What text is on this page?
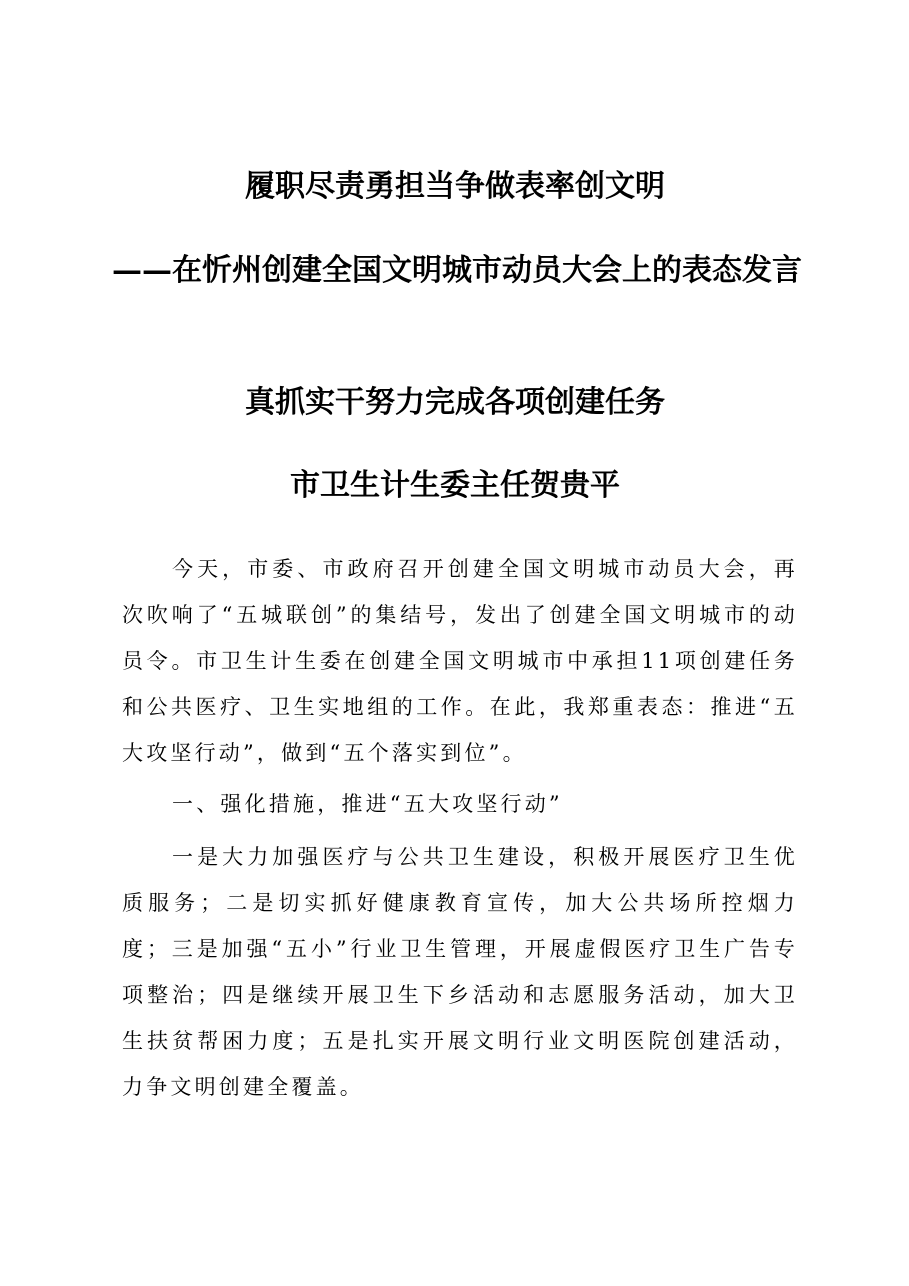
履职尽责勇担当争做表率创文明
——在忻州创建全国文明城市动员大会上的表态发言
真抓实干努力完成各项创建任务
市卫生计生委主任贺贵平

今天，市委、市政府召开创建全国文明城市动员大会，再次吹响了“五城联创”的集结号，发出了创建全国文明城市的动员令。市卫生计生委在创建全国文明城市中承担11项创建任务和公共医疗、卫生实地组的工作。在此，我郑重表态：推进“五大攻坚行动”，做到“五个落实到位”。

一、强化措施，推进“五大攻坚行动”

一是大力加强医疗与公共卫生建设，积极开展医疗卫生优质服务；二是切实抓好健康教育宣传，加大公共场所控烟力度；三是加强“五小”行业卫生管理，开展虚假医疗卫生广告专项整治；四是继续开展卫生下乡活动和志愿服务活动，加大卫生扶贫帮困力度；五是扎实开展文明行业文明医院创建活动，力争文明创建全覆盖。
